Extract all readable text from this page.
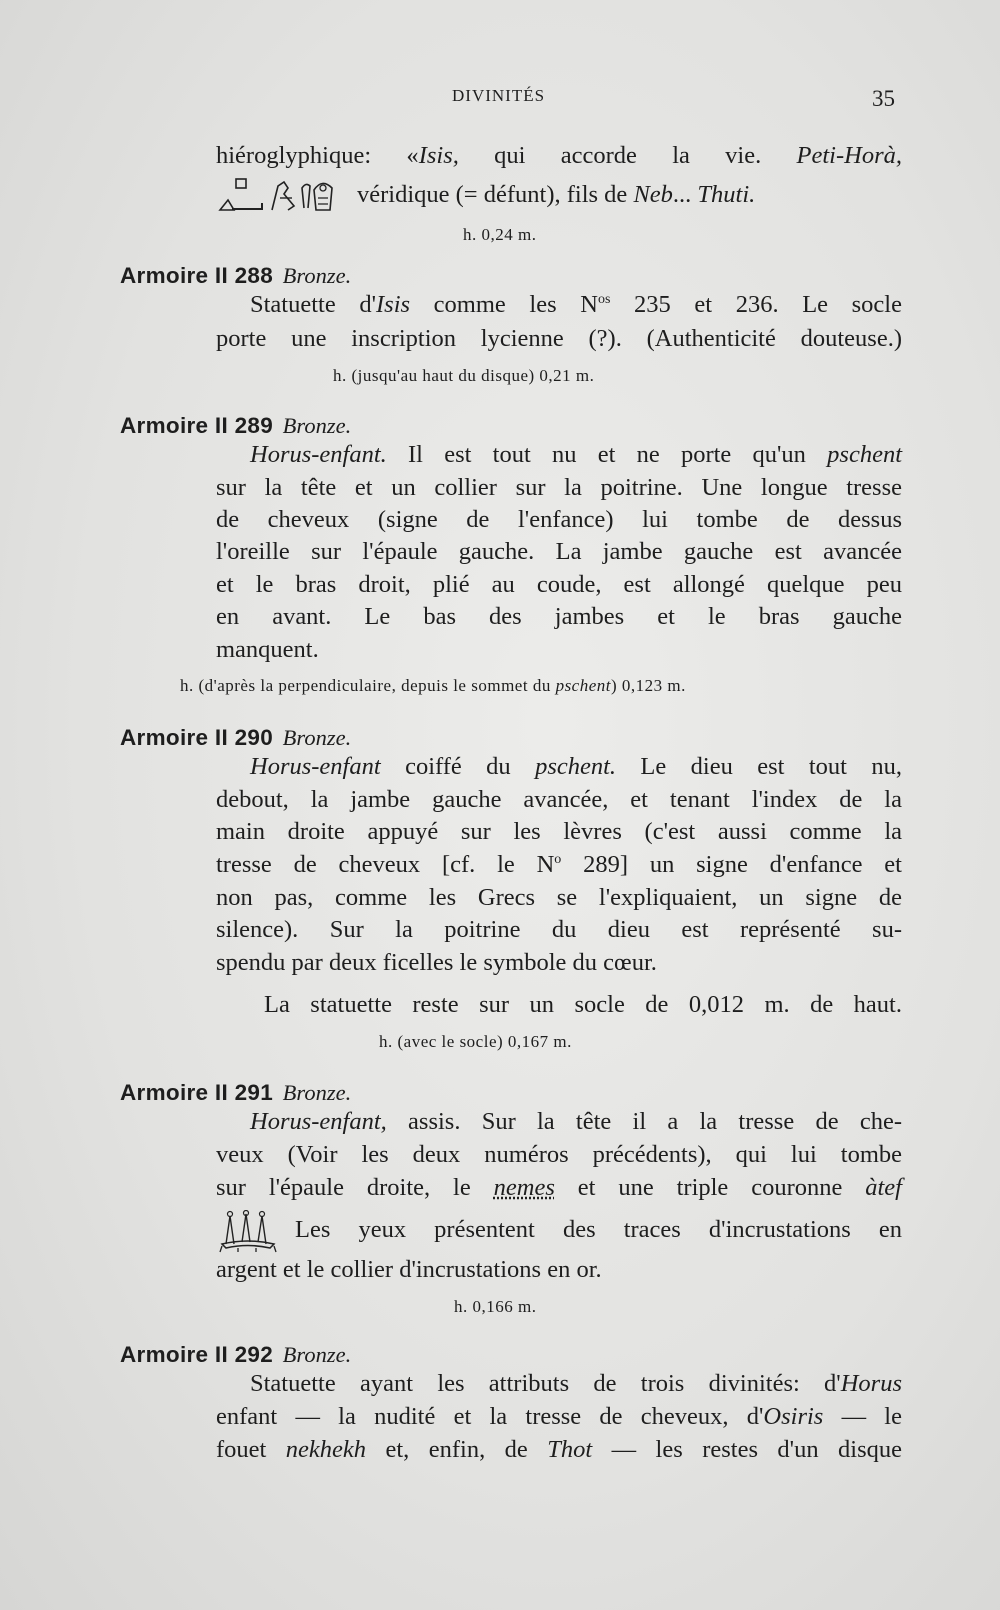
DIVINITÉS	35
hiéroglyphique: «Isis, qui accorde la vie. Peti-Horà,
véridique (= défunt), fils de Neb... Thuti.
h. 0,24 m.
Armoire II 288 Bronze.
Statuette d'Isis comme les $N^{os}$ 235 et 236. Le socle
porte une inscription lycienne (?). (Authenticité douteuse.)
h. (jusqu'au haut du disque) 0,21 m.
Armoire II 289 Bronze.
Horus-enfant. Il est tout nu et ne porte qu'un pschent
sur la tête et un collier sur la poitrine. Une longue tresse
de cheveux (signe de l'enfance) lui tombe de dessus
l'oreille sur l'épaule gauche. La jambe gauche est avancée
et le bras droit, plié au coude, est allongé quelque peu
en avant. Le bas des jambes et le bras gauche
manquent.
h. (d'après la perpendiculaire, depuis le sommet du pschent) 0,123 m.
Armoire II 290 Bronze.
Horus-enfant coiffé du pschent. Le dieu est tout nu,
debout, la jambe gauche avancée, et tenant l'index de la
main droite appuyé sur les lèvres (c'est aussi comme la
tresse de cheveux [cf. le $N^o$ 289] un signe d'enfance et
non pas, comme les Grecs se l'expliquaient, un signe de
silence). Sur la poitrine du dieu est représenté su-
spendu par deux ficelles le symbole du cœur.
La statuette reste sur un socle de 0,012 m. de haut.
h. (avec le socle) 0,167 m.
Armoire II 291 Bronze.
Horus-enfant, assis. Sur la tête il a la tresse de che-
veux (Voir les deux numéros précédents), qui lui tombe
sur l'épaule droite, le nemes et une triple couronne àtef
Les yeux présentent des traces d'incrustations en
argent et le collier d'incrustations en or.
h. 0,166 m.
Armoire II 292 Bronze.
Statuette ayant les attributs de trois divinités: d'Horus
enfant — la nudité et la tresse de cheveux, d'Osiris — le
fouet nekhekh et, enfin, de Thot — les restes d'un disque
